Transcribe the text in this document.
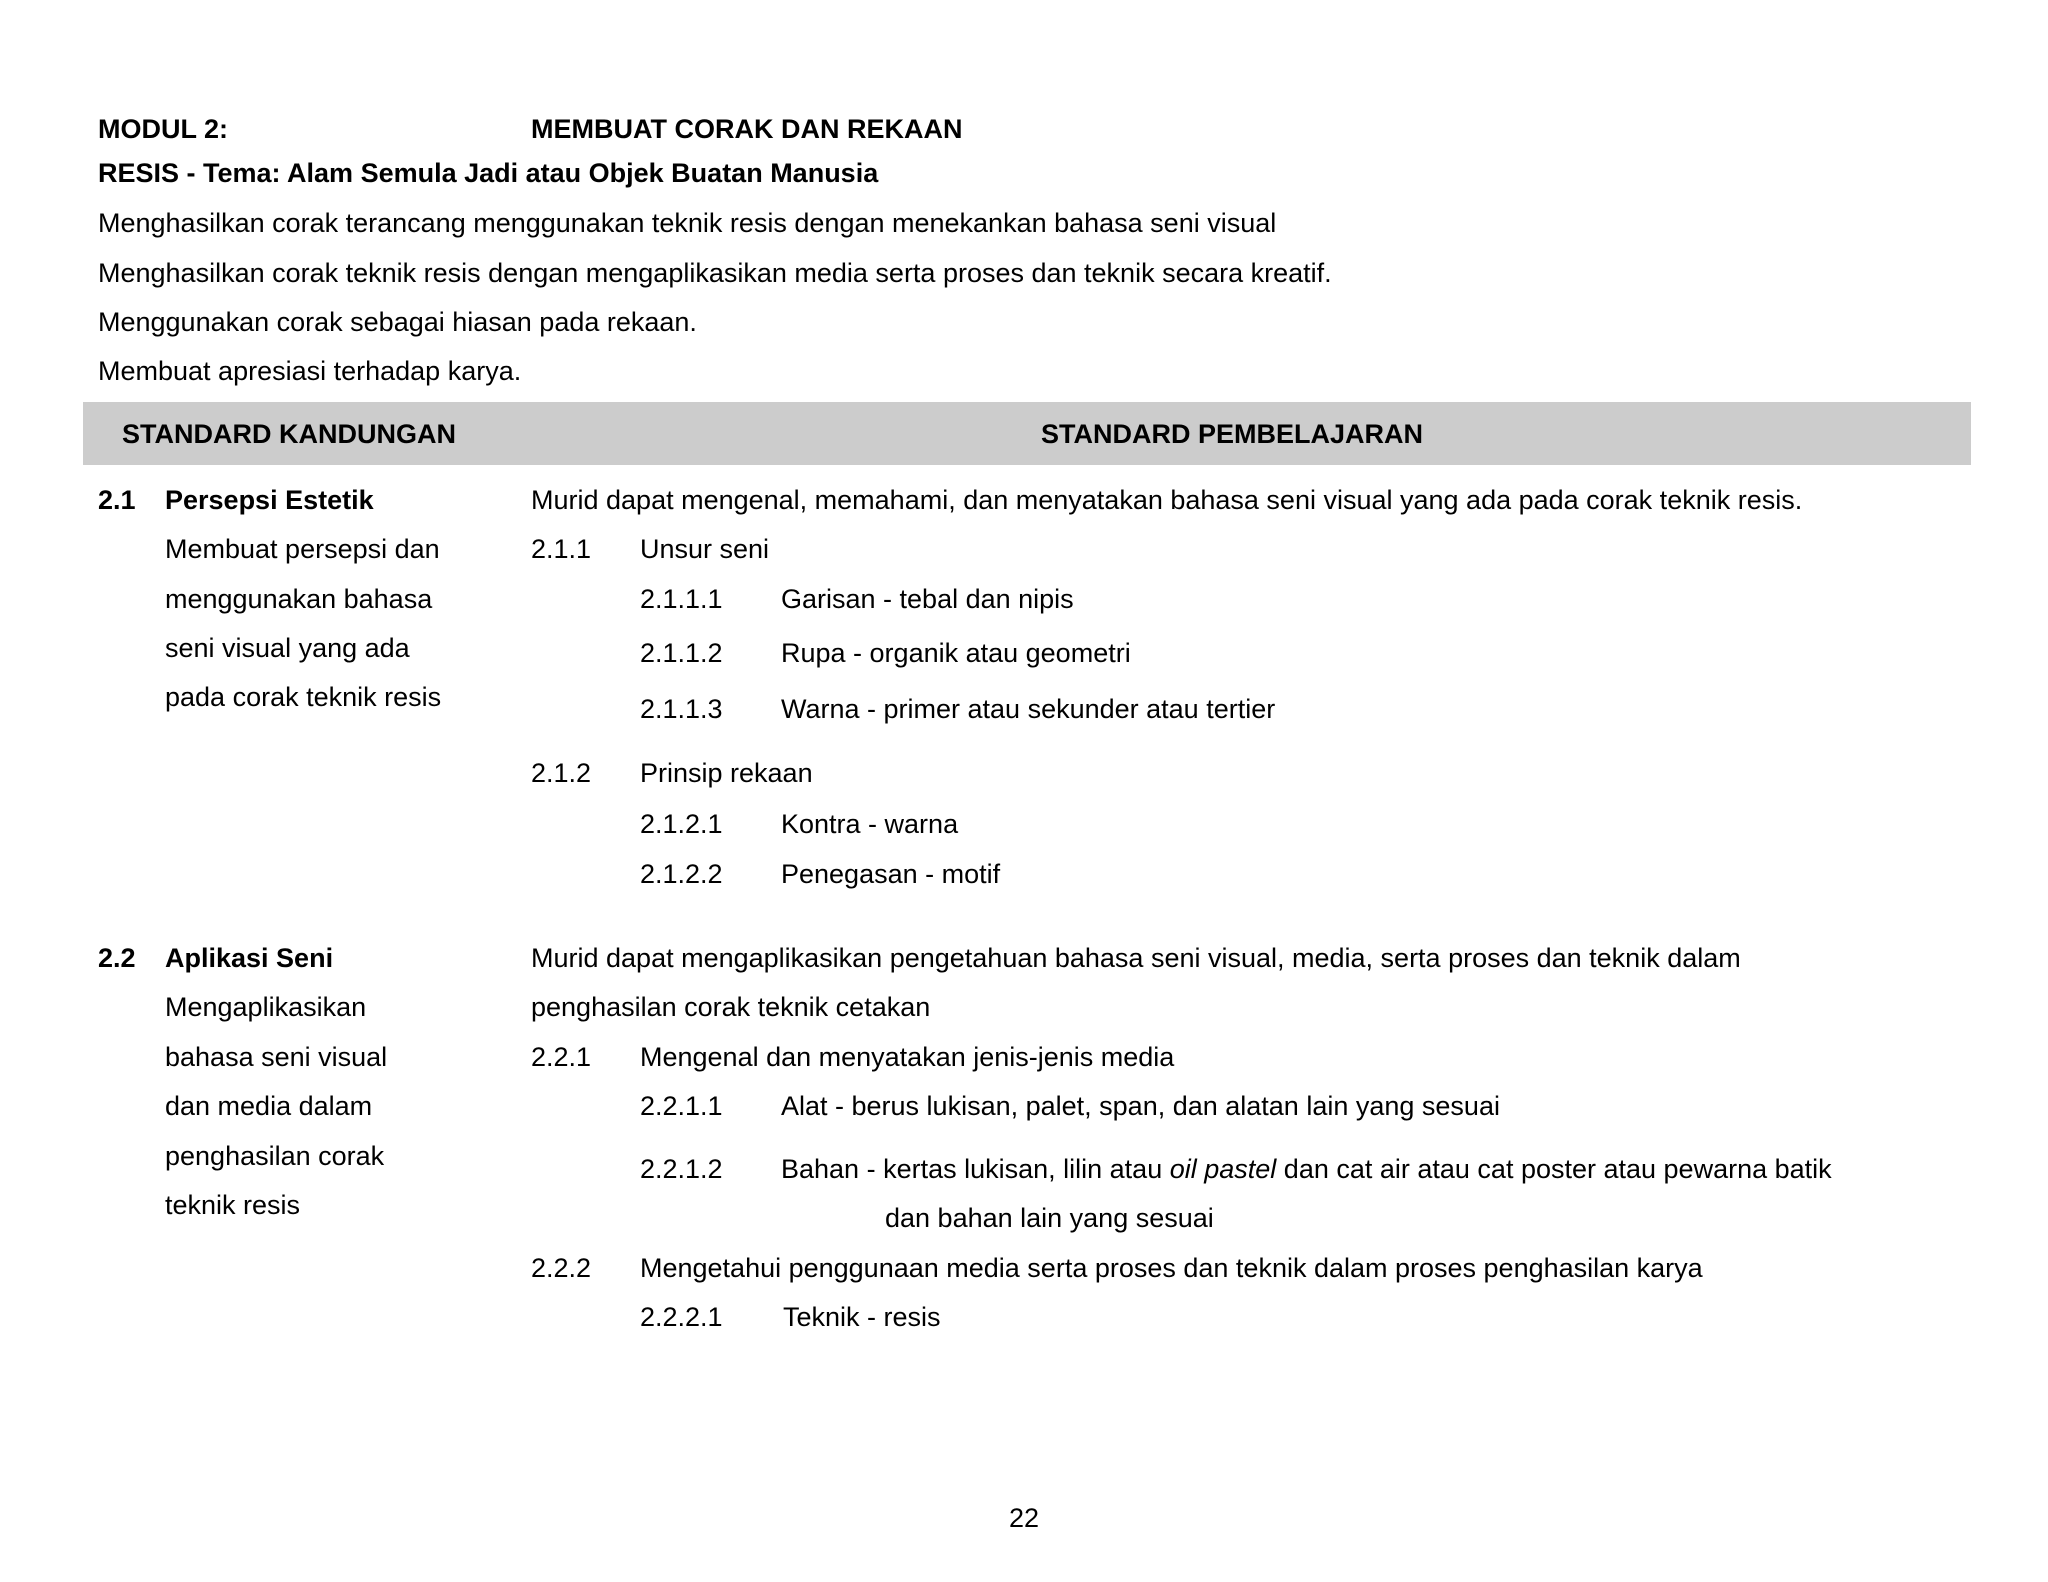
MODUL 2:	MEMBUAT CORAK DAN REKAAN
RESIS - Tema: Alam Semula Jadi atau Objek Buatan Manusia
Menghasilkan corak terancang menggunakan teknik resis dengan menekankan bahasa seni visual
Menghasilkan corak teknik resis dengan mengaplikasikan media serta proses dan teknik secara kreatif.
Menggunakan corak sebagai hiasan pada rekaan.
Membuat apresiasi terhadap karya.
STANDARD KANDUNGAN	STANDARD PEMBELAJARAN
2.1 Persepsi Estetik
Membuat persepsi dan
menggunakan bahasa
seni visual yang ada
pada corak teknik resis
Murid dapat mengenal, memahami, dan menyatakan bahasa seni visual yang ada pada corak teknik resis.
2.1.1 Unsur seni
2.1.1.1 Garisan - tebal dan nipis
2.1.1.2 Rupa - organik atau geometri
2.1.1.3 Warna - primer atau sekunder atau tertier
2.1.2 Prinsip rekaan
2.1.2.1 Kontra - warna
2.1.2.2 Penegasan - motif
2.2 Aplikasi Seni
Mengaplikasikan
bahasa seni visual
dan media dalam
penghasilan corak
teknik resis
Murid dapat mengaplikasikan pengetahuan bahasa seni visual, media, serta proses dan teknik dalam
penghasilan corak teknik cetakan
2.2.1 Mengenal dan menyatakan jenis-jenis media
2.2.1.1 Alat - berus lukisan, palet, span, dan alatan lain yang sesuai
2.2.1.2 Bahan - kertas lukisan, lilin atau oil pastel dan cat air atau cat poster atau pewarna batik
dan bahan lain yang sesuai
2.2.2 Mengetahui penggunaan media serta proses dan teknik dalam proses penghasilan karya
2.2.2.1 Teknik - resis
22
